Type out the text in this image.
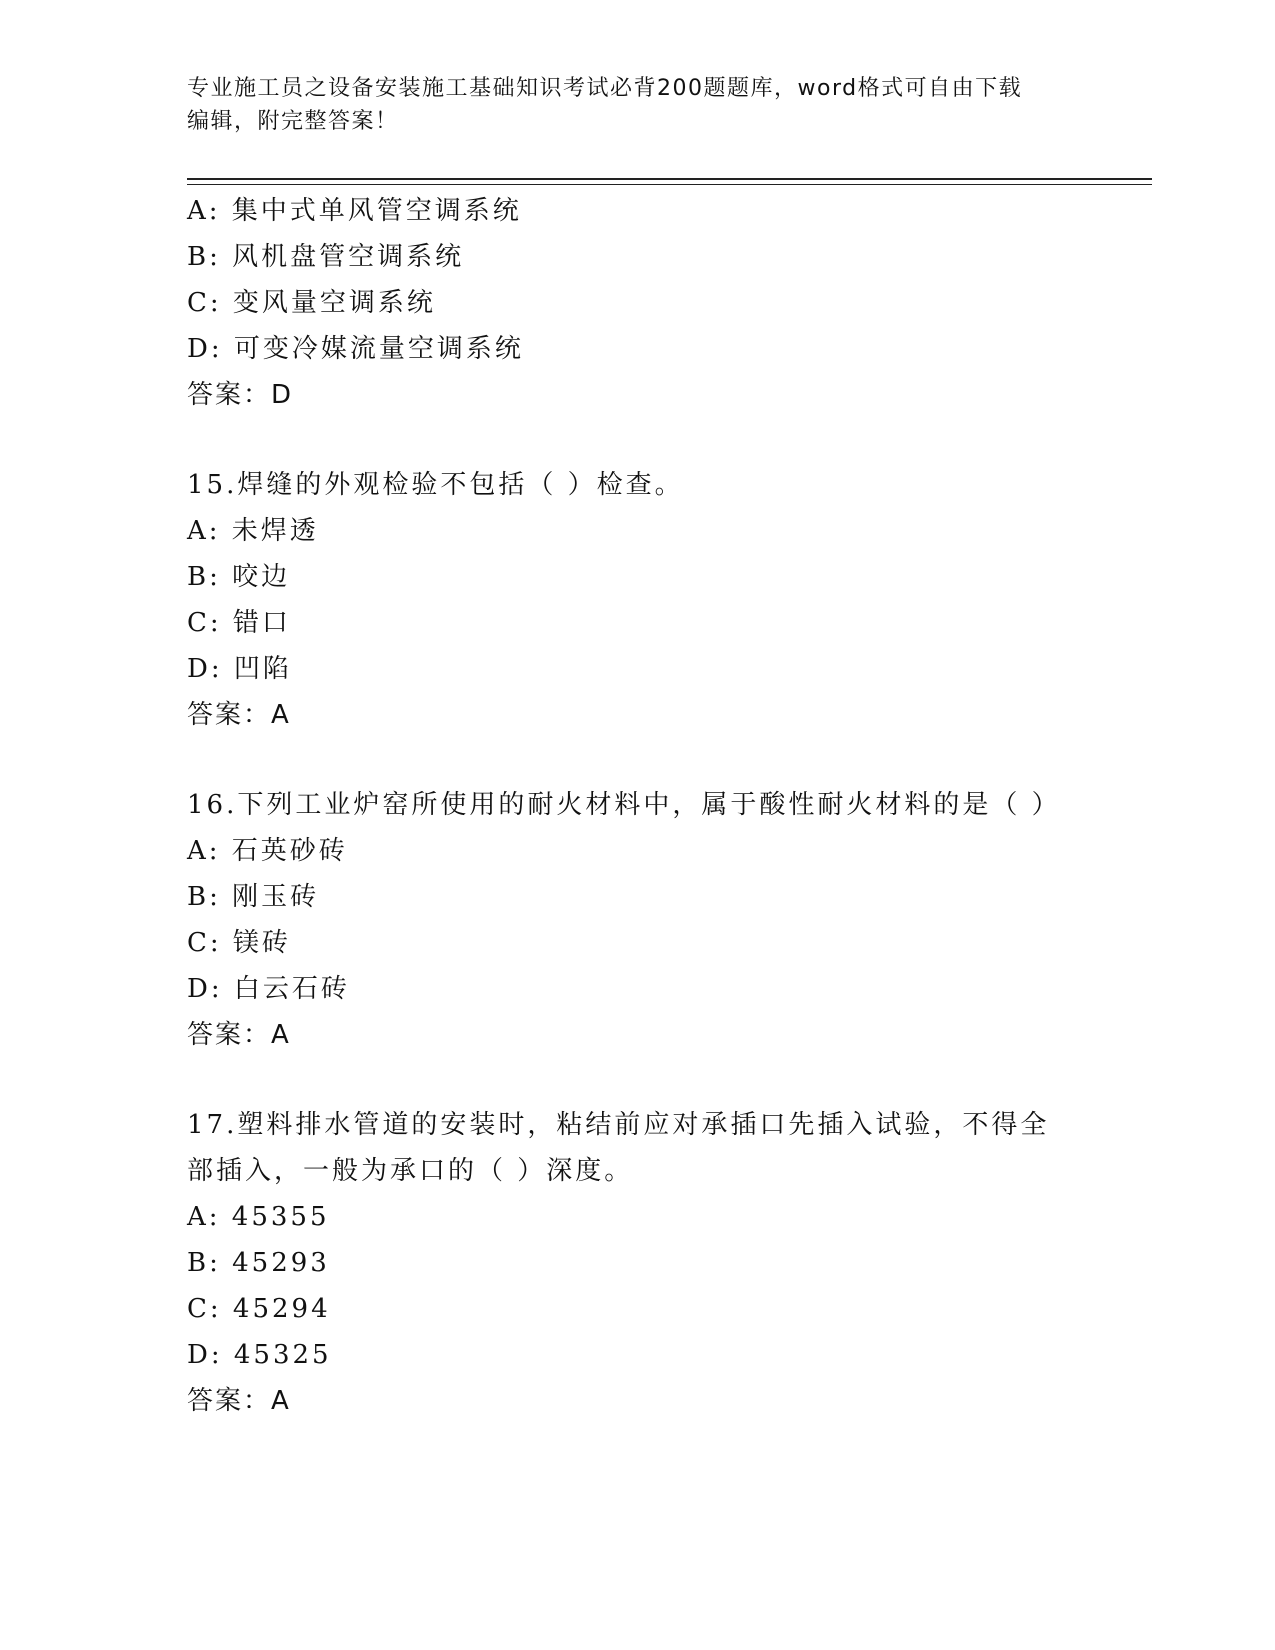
专业施工员之设备安装施工基础知识考试必背200题题库，word格式可自由下载
编辑，附完整答案！
A: 集中式单风管空调系统
B: 风机盘管空调系统
C: 变风量空调系统
D: 可变冷媒流量空调系统
答案：D
15.焊缝的外观检验不包括（ ）检查。
A: 未焊透
B: 咬边
C: 错口
D: 凹陷
答案：A
16.下列工业炉窑所使用的耐火材料中，属于酸性耐火材料的是（ ）
A: 石英砂砖
B: 刚玉砖
C: 镁砖
D: 白云石砖
答案：A
17.塑料排水管道的安装时，粘结前应对承插口先插入试验，不得全部插入，一般为承口的（ ）深度。
A: 45355
B: 45293
C: 45294
D: 45325
答案：A
